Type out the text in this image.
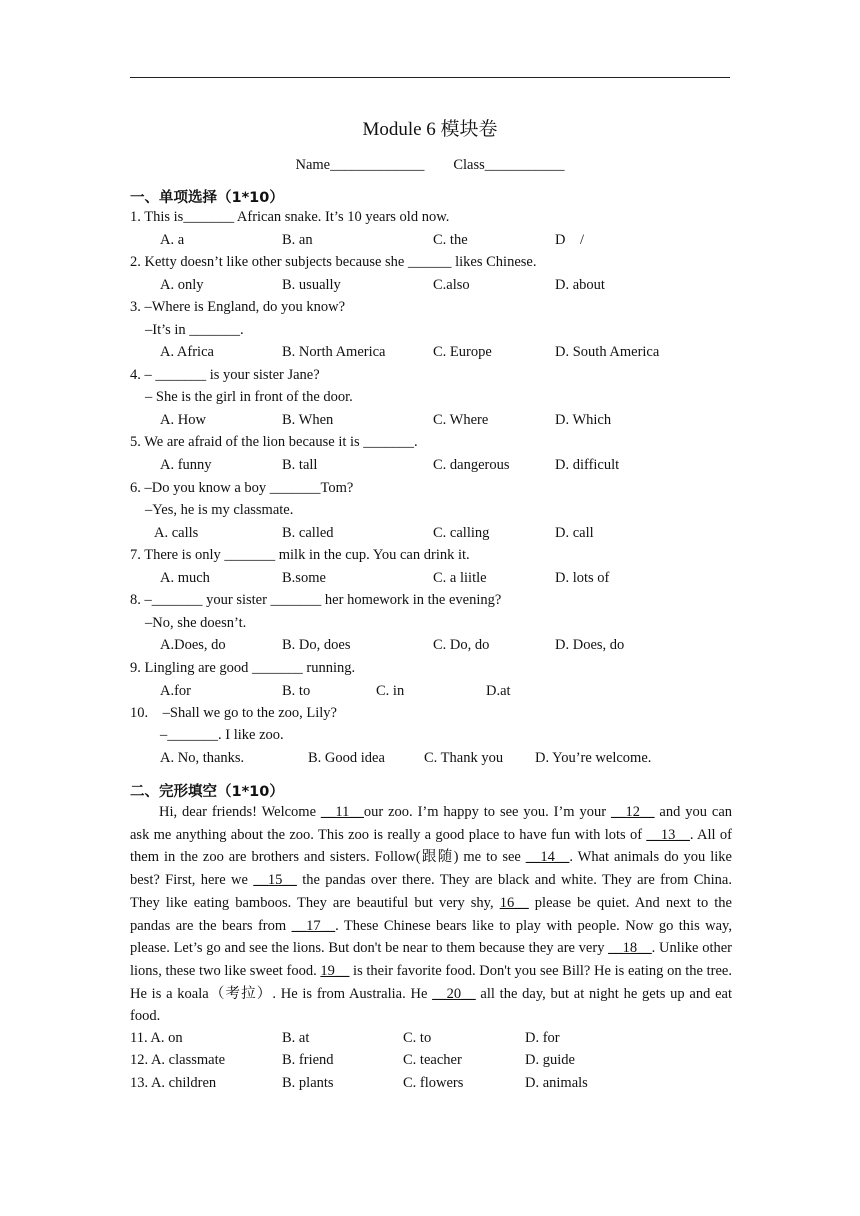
Module 6 模块卷
Name_____________        Class___________
一、单项选择（1*10）
1. This is_______ African snake. It’s 10 years old now.
A. a	B. an	C. the	D    /
2. Ketty doesn’t like other subjects because she ______ likes Chinese.
A. only	B. usually	C.also	D. about
3. –Where is England, do you know?
–It’s in _______.
A. Africa	B. North America	C. Europe	D. South America
4. – _______ is your sister Jane?
– She is the girl in front of the door.
A. How	B. When	C. Where	D. Which
5. We are afraid of the lion because it is _______.
A. funny	B. tall	C. dangerous	D. difficult
6. –Do you know a boy _______Tom?
–Yes, he is my classmate.
A. calls	B. called	C. calling	D. call
7. There is only _______ milk in the cup. You can drink it.
A. much	B.some	C. a liitle	D. lots of
8. –_______ your sister _______ her homework in the evening?
–No, she doesn’t.
A.Does, do	B. Do, does	C. Do, do	D. Does, do
9. Lingling are good _______ running.
A.for	B. to	C. in	D.at
10.    –Shall we go to the zoo, Lily?
–_______. I like zoo.
A. No, thanks.	B. Good idea	C. Thank you D. You’re welcome.
二、完形填空（1*10）
Hi, dear friends! Welcome __11__our zoo. I’m happy to see you. I’m your __12__ and you can ask me anything about the zoo. This zoo is really a good place to have fun with lots of __13__. All of them in the zoo are brothers and sisters. Follow(跟随) me to see __14__. What animals do you like best? First, here we __15__ the pandas over there. They are black and white. They are from China. They like eating bamboos. They are beautiful but very shy, 16__ please be quiet. And next to the pandas are the bears from __17__. These Chinese bears like to play with people. Now go this way, please. Let’s go and see the lions. But don't be near to them because they are very __18__. Unlike other lions, these two like sweet food. 19__ is their favorite food. Don't you see Bill? He is eating on the tree. He is a koala（考拉）. He is from Australia. He __20__ all the day, but at night he gets up and eat food.
11. A. on	B. at	C. to	D. for
12. A. classmate	B. friend	C. teacher	D. guide
13. A. children	B. plants	C. flowers	D. animals
